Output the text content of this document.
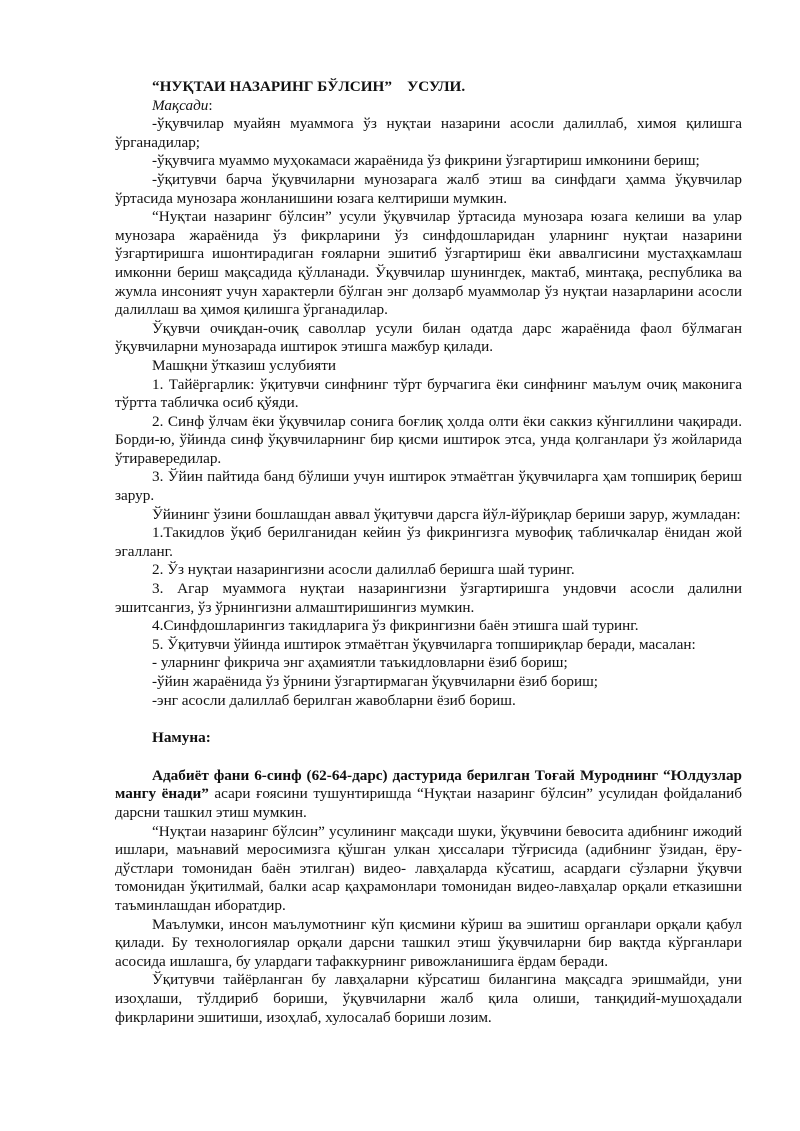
“НУҚТАИ НАЗАРИНГ БЎЛСИН”    УСУЛИ.

Мақсади:

-ўқувчилар муайян муаммога ўз нуқтаи назарини асосли далиллаб, химоя қилишга ўрганадилар;

-ўқувчига муаммо муҳокамаси жараёнида ўз фикрини ўзгартириш имконини бериш;

-ўқитувчи барча ўқувчиларни мунозарага жалб этиш ва синфдаги ҳамма ўқувчилар ўртасида мунозара жонланишини юзага келтириши мумкин.

“Нуқтаи назаринг бўлсин” усули ўқувчилар ўртасида мунозара юзага келиши ва улар мунозара жараёнида ўз фикрларини ўз синфдошларидан уларнинг нуқтаи назарини ўзгартиришга ишонтирадиган ғояларни эшитиб ўзгартириш ёки аввалгисини мустаҳкамлаш имконни бериш мақсадида қўлланади. Ўқувчилар шунингдек, мактаб, минтақа, республика ва жумла инсоният учун характерли бўлган энг долзарб муаммолар ўз нуқтаи назарларини асосли далиллаш ва ҳимоя қилишга ўрганадилар.

Ўқувчи очиқдан-очиқ саволлар усули билан одатда дарс жараёнида фаол бўлмаган ўқувчиларни мунозарада иштирок этишга мажбур қилади.

Машқни ўтказиш услубияти

1. Тайёргарлик: ўқитувчи синфнинг тўрт бурчагига ёки синфнинг маълум очиқ маконига тўртта табличка осиб қўяди.

2. Синф ўлчам ёки ўқувчилар сонига боғлиқ ҳолда олти ёки саккиз кўнгиллини чақиради. Борди-ю, ўйинда синф ўқувчиларнинг бир қисми иштирок этса, унда қолганлари ўз жойларида ўтиравередилар.

3. Ўйин пайтида банд бўлиши учун иштирок этмаётган ўқувчиларга ҳам топшириқ бериш зарур.

Ўйининг ўзини бошлашдан аввал ўқитувчи дарсга йўл-йўриқлар бериши зарур, жумладан:

1.Такидлов ўқиб берилганидан кейин ўз фикрингизга мувофиқ табличкалар ёнидан жой эгалланг.

2. Ўз нуқтаи назарингизни асосли далиллаб беришга шай туринг.

3. Агар муаммога нуқтаи назарингизни ўзгартиришга ундовчи асосли далилни эшитсангиз, ўз ўрнингизни алмаштиришингиз мумкин.

4.Синфдошларингиз такидларига ўз фикрингизни баён этишга шай туринг.

5. Ўқитувчи ўйинда иштирок этмаётган ўқувчиларга топшириқлар беради, масалан:

- уларнинг фикрича энг аҳамиятли таъкидловларни ёзиб бориш;

-ўйин жараёнида ўз ўрнини ўзгартирмаган ўқувчиларни ёзиб бориш;

-энг асосли далиллаб берилган жавобларни ёзиб бориш.

Намуна:

Адабиёт фани 6-синф (62-64-дарс) дастурида берилган Тоғай Муроднинг “Юлдузлар мангу ёнади” асари ғоясини тушунтиришда “Нуқтаи назаринг бўлсин” усулидан фойдаланиб дарсни ташкил этиш мумкин.

“Нуқтаи назаринг бўлсин” усулининг мақсади шуки, ўқувчини бевосита адибнинг ижодий ишлари, маънавий меросимизга қўшган улкан ҳиссалари тўғрисида (адибнинг ўзидан, ёру-дўстлари томонидан баён этилган) видео- лавҳаларда кўсатиш, асардаги сўзларни ўқувчи томонидан ўқитилмай, балки асар қаҳрамонлари томонидан видео-лавҳалар орқали етказишни таъминлашдан иборатдир.

Маълумки, инсон маълумотнинг кўп қисмини кўриш ва эшитиш органлари орқали қабул қилади. Бу технологиялар орқали дарсни ташкил этиш ўқувчиларни бир вақтда кўрганлари асосида ишлашга, бу улардаги тафаккурнинг ривожланишига ёрдам беради.

Ўқитувчи тайёрланган бу лавҳаларни кўрсатиш билангина мақсадга эришмайди, уни изоҳлаши, тўлдириб бориши, ўқувчиларни жалб қила олиши, танқидий-мушоҳадали фикрларини эшитиши, изоҳлаб, хулосалаб бориши лозим.
